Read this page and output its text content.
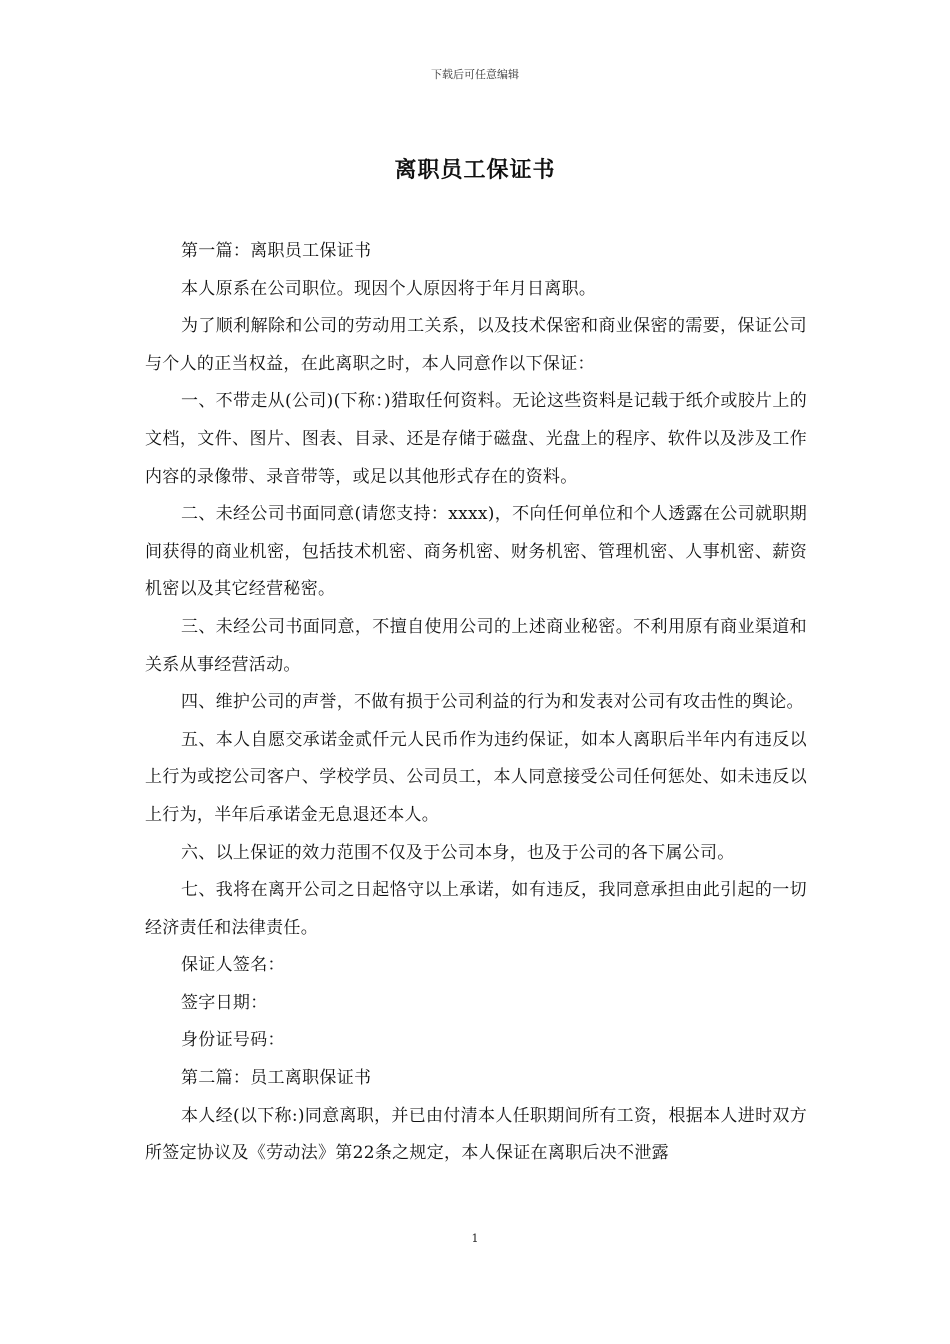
下载后可任意编辑
离职员工保证书

第一篇：离职员工保证书

本人原系在公司职位。现因个人原因将于年月日离职。

为了顺利解除和公司的劳动用工关系，以及技术保密和商业保密的需要，保证公司与个人的正当权益，在此离职之时，本人同意作以下保证：

一、不带走从(公司)(下称：)猎取任何资料。无论这些资料是记载于纸介或胶片上的文档，文件、图片、图表、目录、还是存储于磁盘、光盘上的程序、软件以及涉及工作内容的录像带、录音带等，或足以其他形式存在的资料。

二、未经公司书面同意(请您支持：xxxx)，不向任何单位和个人透露在公司就职期间获得的商业机密，包括技术机密、商务机密、财务机密、管理机密、人事机密、薪资机密以及其它经营秘密。

三、未经公司书面同意，不擅自使用公司的上述商业秘密。不利用原有商业渠道和关系从事经营活动。

四、维护公司的声誉，不做有损于公司利益的行为和发表对公司有攻击性的舆论。

五、本人自愿交承诺金贰仟元人民币作为违约保证，如本人离职后半年内有违反以上行为或挖公司客户、学校学员、公司员工，本人同意接受公司任何惩处、如未违反以上行为，半年后承诺金无息退还本人。

六、以上保证的效力范围不仅及于公司本身，也及于公司的各下属公司。

七、我将在离开公司之日起恪守以上承诺，如有违反，我同意承担由此引起的一切经济责任和法律责任。

保证人签名：

签字日期：

身份证号码：

第二篇：员工离职保证书

本人经(以下称:)同意离职，并已由付清本人任职期间所有工资，根据本人进时双方所签定协议及《劳动法》第22条之规定，本人保证在离职后决不泄露

1
